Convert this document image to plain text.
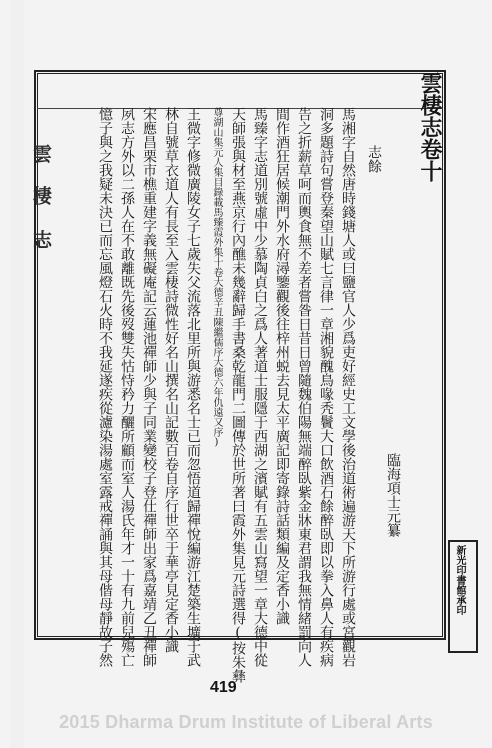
雲
棲
志
雲棲志卷十
志餘
臨海項士元纂
馬湘字自然唐時錢塘人或曰鹽官人少爲吏好經史工文學後治道術遍游天下所游行處或宮觀岩
洞多題詩句嘗登秦望山賦七言律一章湘貌醜鳥喙秃鬢大口飲酒石餘醉臥即以拳入鼻人有疾病
告之折薪草呵而輿食無不差者嘗昝日昔日曾隨魏伯陽無端醉臥紫金牀東君謂我無情緒罰向人
間作酒狂居候潮門外水府潯鑒觀後往梓州蜕去見太平廣記即寄錄詩話類編及定香小識
馬臻字志道別號虛中少慕陶貞白之爲人著道士服隱于西湖之濱賦有五雲山寫望一章大德中從
天師張與材至燕京行內醮未幾辭歸手書桑乾龍門二圖傳於世所著曰霞外集見元詩選得(按朱彝
尊湖山集元人集目錄載馬臻霞外集十卷大德辛丑陳繼儒序大德六年仇遠又序)
王微字修微廣陵女子七歲失父流落北里所與游悉名士已而忽悟道歸禪悅編游江楚築生壙于武
林自號草衣道人有長至入雲棲詩微性好名山撰名山記數百卷自序行世卒于華亭見定香小識
宋應昌栗市樵重建字義無礙庵記云蓮池禪師少與子同業變校子登仕禪師出家爲嘉靖乙丑禪師
夙志方外以二孫人在不敢離既先後歿雙失怙恃矜力釃所顧而室人湯氏年才一十有九前兒殤亡
憶子與之我疑未決已而忘風燈石火時不我延遂疾從濾染湯處室露戒禪誦與其母偕母靜故子然	新光印書館承印
419
2015 Dharma Drum Institute of Liberal Arts
